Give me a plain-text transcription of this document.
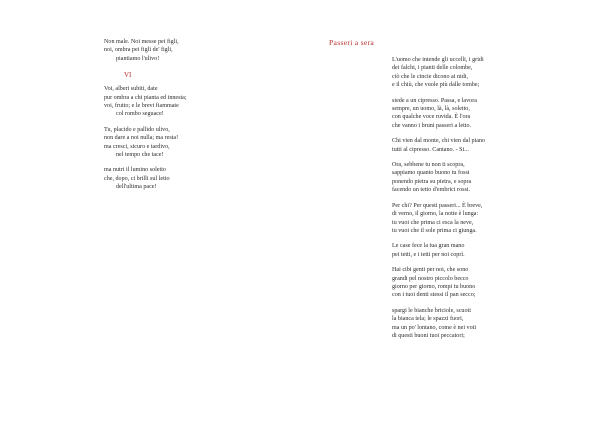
Non male. Noi messe pei figli,
noi, ombra pei figli de' figli,
piantiamo l'ulivo!
VI
Voi, alberi subiti, date
pur ombra a chi pianta ed innesta;
voi, frutto; e le brevi fiammate
col rombo seguace!
Tu, placido e pallido ulivo,
non dare a noi nulla; ma resta!
ma cresci, sicuro e tardivo,
nel tempo che tace!
ma nutri il lumino soletto
che, dopo, ci brilli sul letto
dell'ultima pace!
Passeri a sera
L'uomo che intende gli uccelli, i gridi
dei falchi, i pianti delle colombe,
ciò che le cincie dicono ai nidi,
e il chiù, che vuole più dalle tombe;
siede a un cipresso. Passa, e lavora
sempre, un uomo, là, là, soletto,
con qualche voce ruvida. È l'ora
che vanno i bruni passeri a letto.
Chi vien dal monte, chi vien dal piano
tutti al cipresso. Cantano. - Si...
Ora, sebbene tu non ti scopra,
sappiamo quanto buono tu fossi
ponendo pietra su pietra, e sopra
facendo un tetto d'embrici rossi.
Per chi? Per questi passeri... È breve,
di verno, il giorno, la notte è lunga:
tu vuoi che prima ci esca la neve,
tu vuoi che il sole prima ci giunga.
Le case fece la tua gran mano
pei tetti, e i tetti per noi coprì.
Hai cibi genti per noi, che sono
grandi pel nostro piccolo becco
giorno per giorno, rompi tu buono
con i tuoi denti stessi il pan secco;
spargi le bianche briciole, scuoti
la bianca tela; le spazzi fuori,
ma un po' lontano, come è nei voti
di questi buoni tuoi peccatori;
